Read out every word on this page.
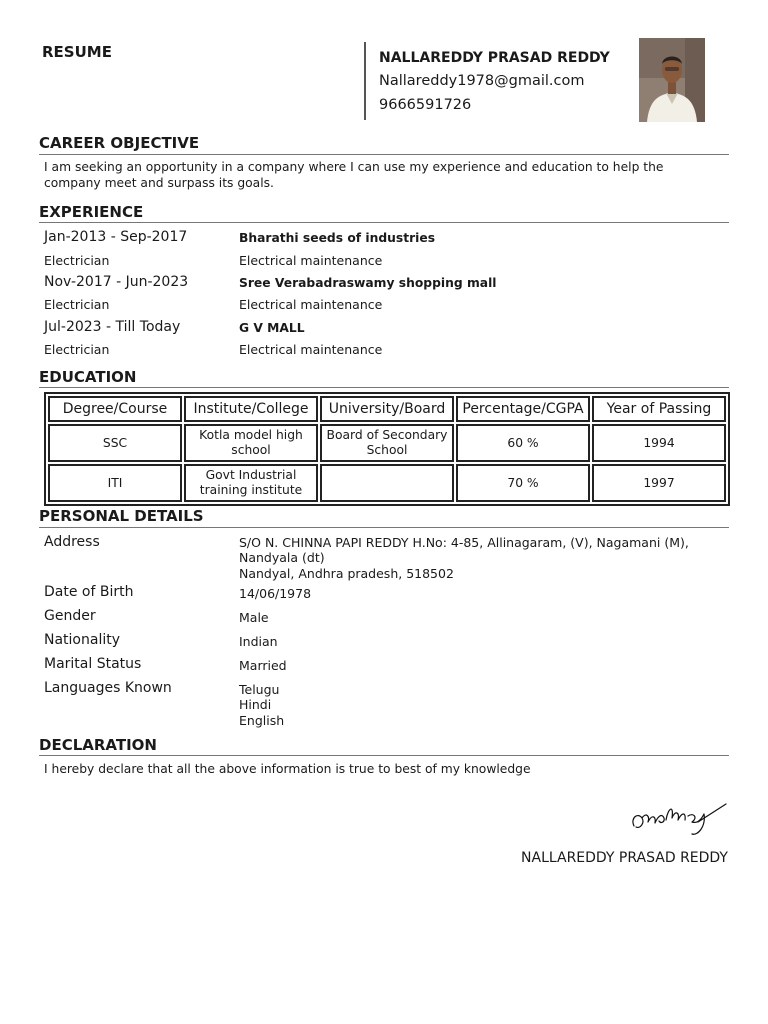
RESUME	NALLAREDDY PRASAD REDDY
Nallareddy1978@gmail.com
9666591726
CAREER OBJECTIVE
I am seeking an opportunity in a company where I can use my experience and education to help the company meet and surpass its goals.
EXPERIENCE
Jan-2013 - Sep-2017	Bharathi seeds of industries
Electrician	Electrical maintenance
Nov-2017 - Jun-2023	Sree Verabadraswamy shopping mall
Electrician	Electrical maintenance
Jul-2023 - Till Today	G V MALL
Electrician	Electrical maintenance
EDUCATION
Degree/Course	Institute/College	University/Board	Percentage/CGPA	Year of Passing
SSC	Kotla model high school	Board of Secondary School	60 %	1994
ITI	Govt Industrial training institute		70 %	1997
PERSONAL DETAILS
Address	S/O N. CHINNA PAPI REDDY H.No: 4-85, Allinagaram, (V), Nagamani (M),
Nandyala (dt)
Nandyal, Andhra pradesh, 518502
Date of Birth	14/06/1978
Gender	Male
Nationality	Indian
Marital Status	Married
Languages Known	Telugu
Hindi
English
DECLARATION
I hereby declare that all the above information is true to best of my knowledge
NALLAREDDY PRASAD REDDY
